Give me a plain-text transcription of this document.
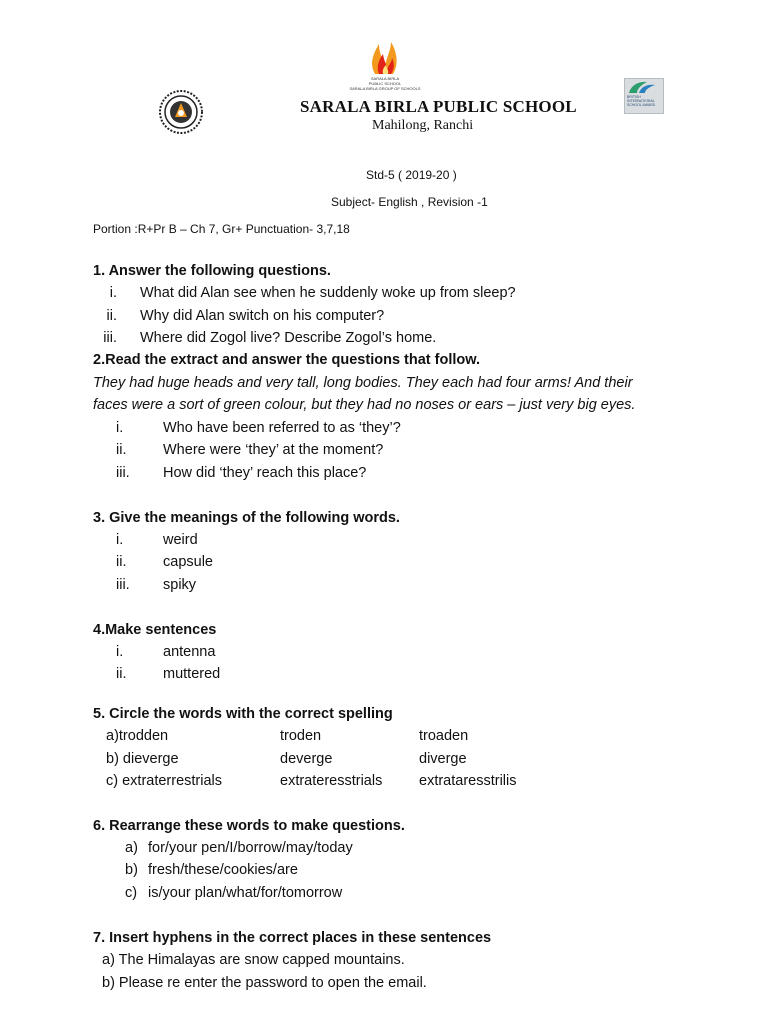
SARALA BIRLA
PUBLIC SCHOOL
SARALA BIRLA GROUP OF SCHOOLS
BRITISH
INTERNATIONAL
SCHOOL AWARD
SARALA BIRLA PUBLIC SCHOOL
Mahilong, Ranchi
Std-5 ( 2019-20 )
Subject- English , Revision -1
Portion :R+Pr B – Ch 7, Gr+ Punctuation- 3,7,18
1. Answer the following questions.
i. What did Alan see when he suddenly woke up from sleep?
ii. Why did Alan switch on his computer?
iii. Where did Zogol live? Describe Zogol’s home.
2.Read the extract and answer the questions that follow.
They had huge heads and very tall, long bodies. They each had four arms! And their
faces were a sort of green colour, but they had no noses or ears – just very big eyes.
i.	Who have been referred to as ‘they’?
ii.	Where were ‘they’ at the moment?
iii. How did ‘they’ reach this place?
3. Give the meanings of the following words.
i.	weird
ii.	capsule
iii. spiky
4.Make sentences
i.	antenna
ii.	muttered
5. Circle the words with the correct spelling
a)trodden	troden	troaden
b) dieverge	deverge	diverge
c) extraterrestrials	extrateresstrials	extrataresstrilis
6. Rearrange these words to make questions.
a) for/your pen/I/borrow/may/today
b) fresh/these/cookies/are
c) is/your plan/what/for/tomorrow
7. Insert hyphens in the correct places in these sentences
a) The Himalayas are snow capped mountains.
b) Please re enter the password to open the email.
